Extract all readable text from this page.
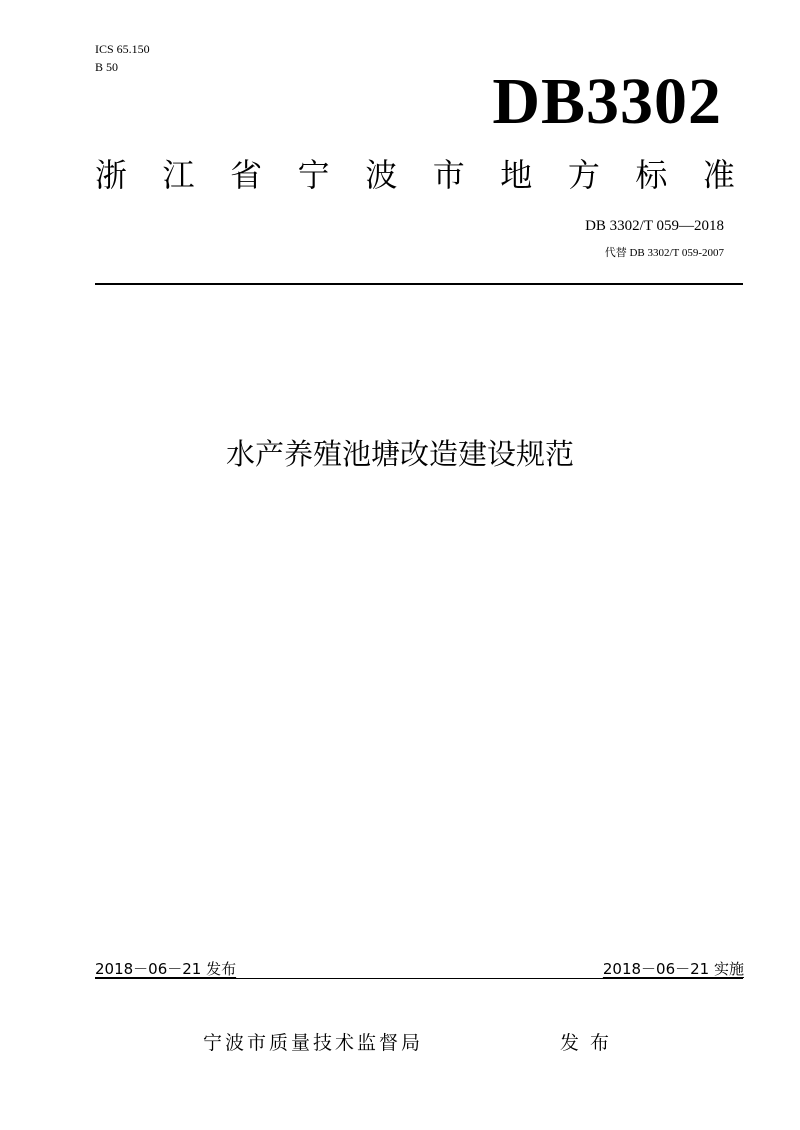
ICS 65.150
B 50	DB3302
浙 江 省 宁 波 市 地 方 标 准
DB 3302/T 059—2018
代替 DB 3302/T 059-2007
水产养殖池塘改造建设规范
2018－06－21 发布	2018－06－21 实施
宁波市质量技术监督局	发布
